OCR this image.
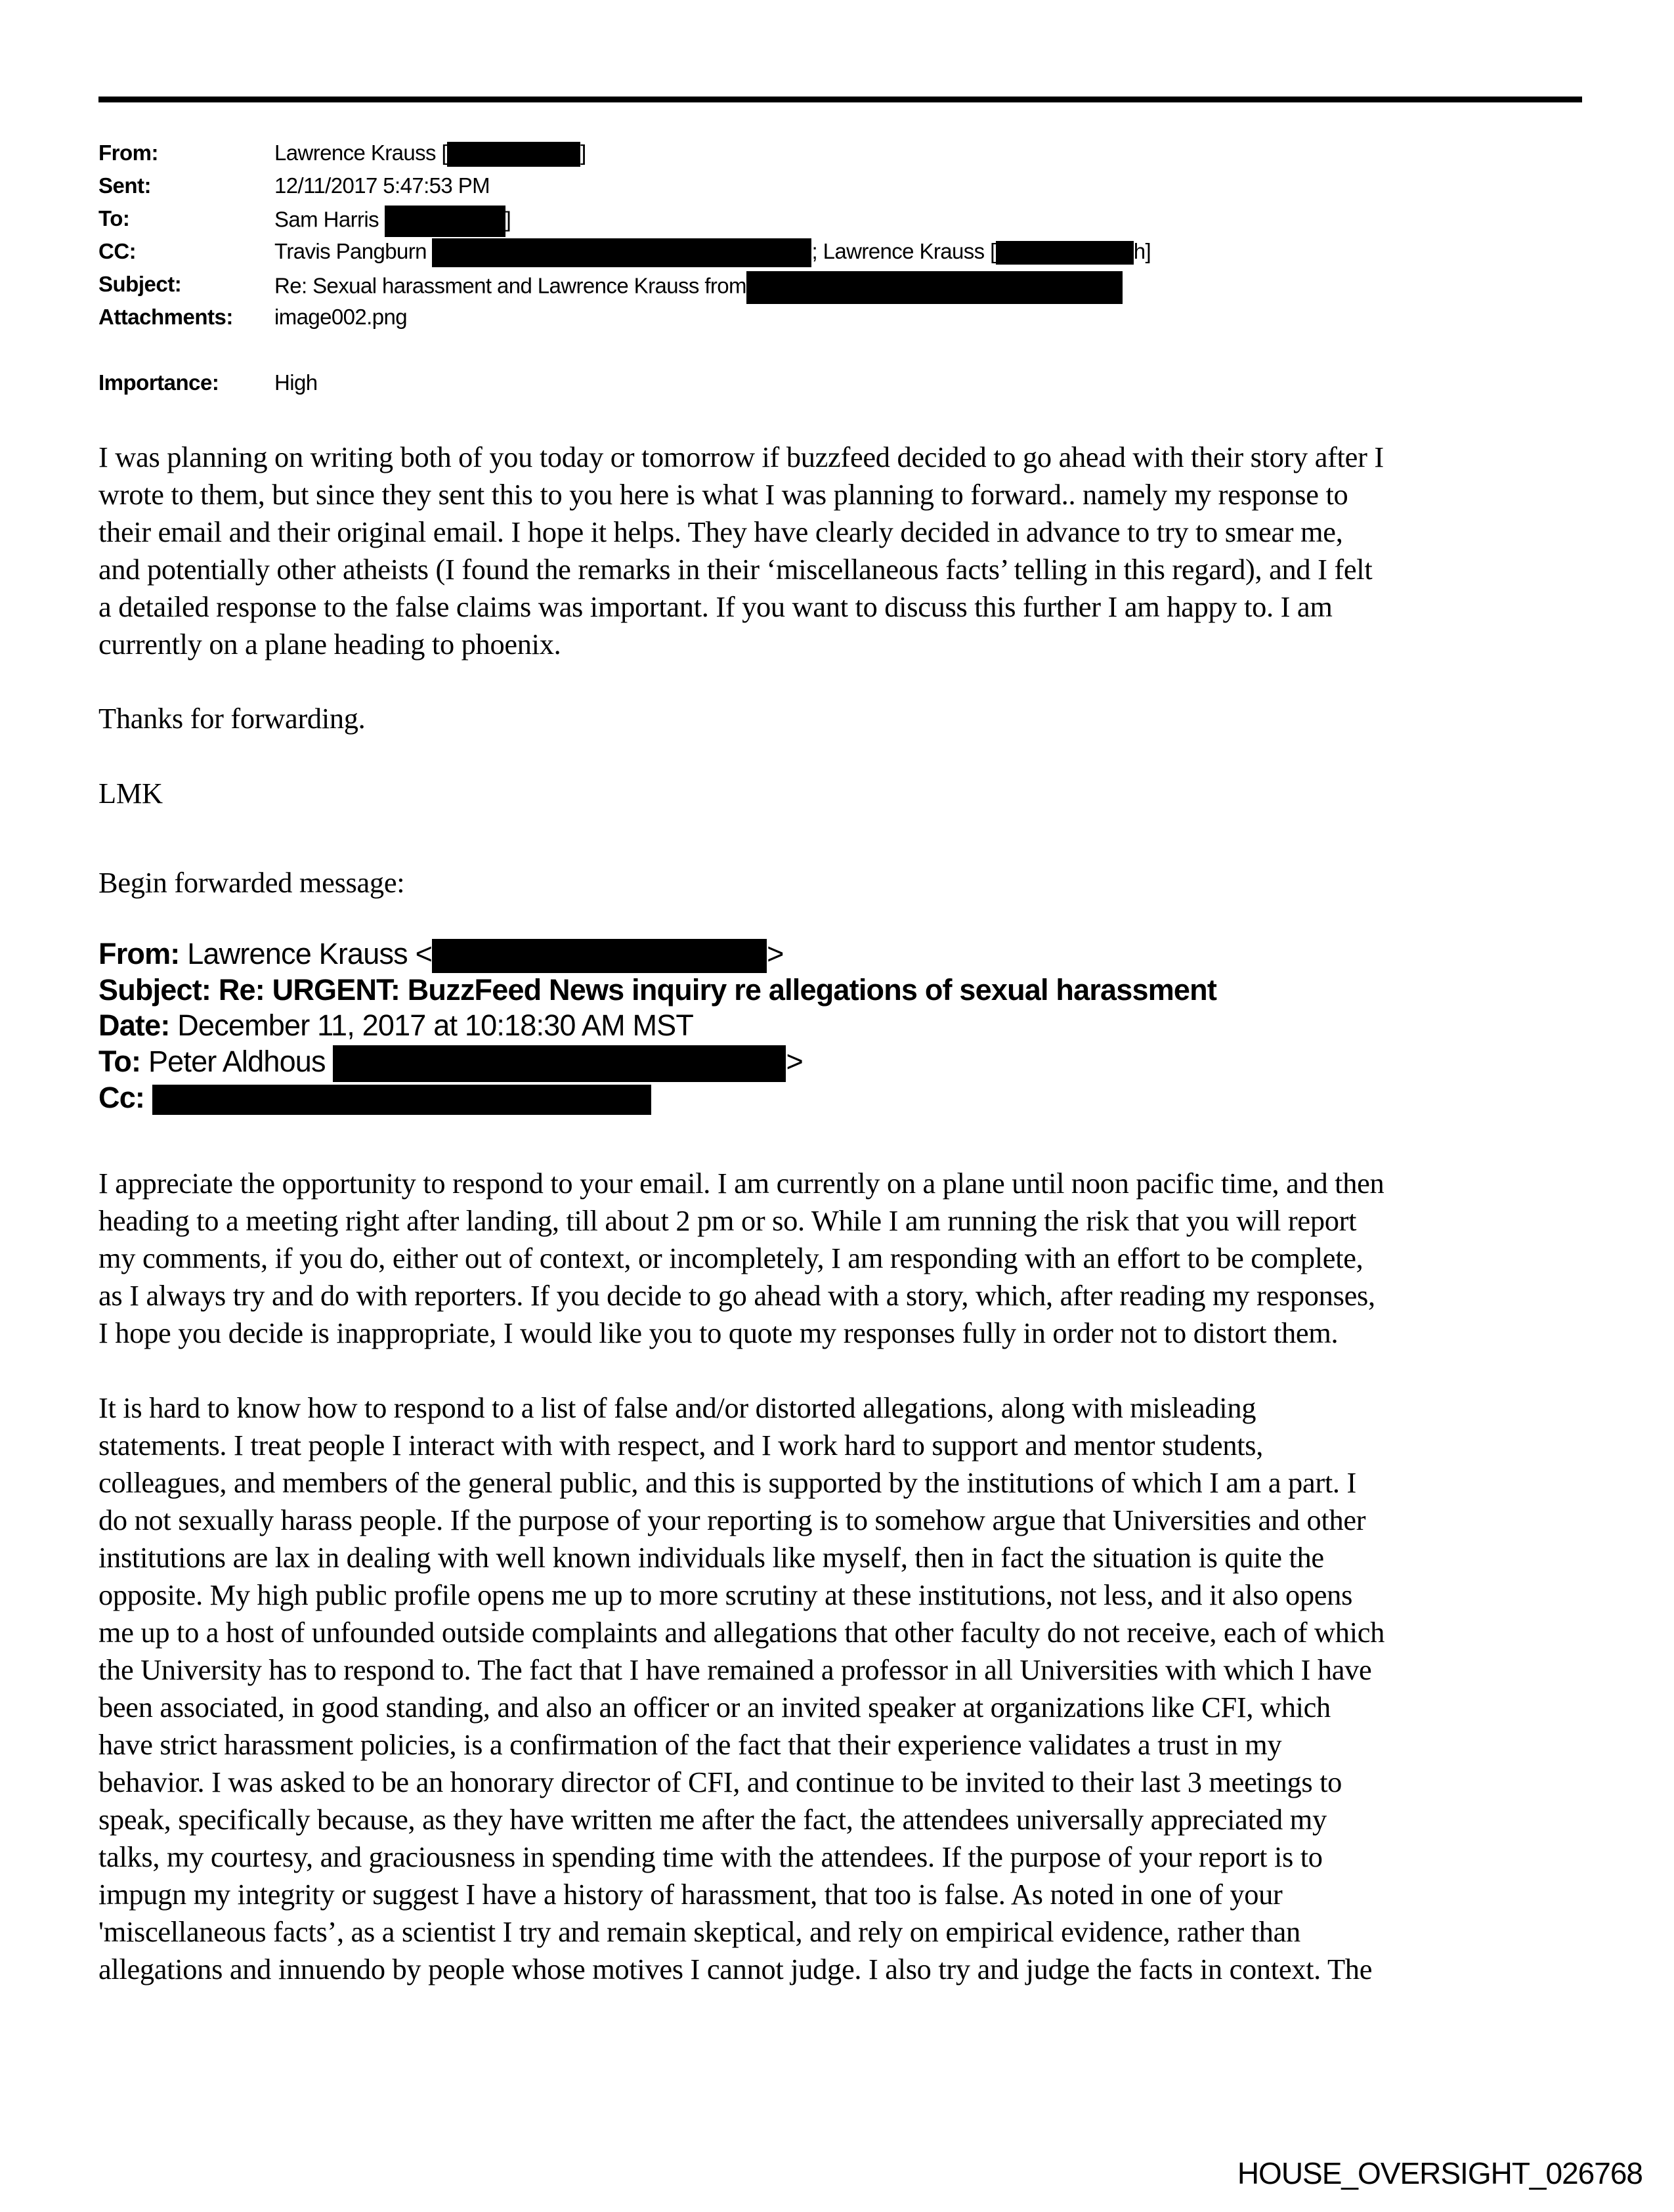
From:	Lawrence Krauss [	]
Sent:	12/11/2017 5:47:53 PM
To:	Sam Harris	]
CC:	Travis Pangburn	; Lawrence Krauss [	h]
Subject:	Re: Sexual harassment and Lawrence Krauss from
Attachments: image002.png
Importance:	High
I was planning on writing both of you today or tomorrow if buzzfeed decided to go ahead with their story after I
wrote to them, but since they sent this to you here is what I was planning to forward.. namely my response to
their email and their original email. I hope it helps. They have clearly decided in advance to try to smear me,
and potentially other atheists (I found the remarks in their ‘miscellaneous facts’ telling in this regard), and I felt
a detailed response to the false claims was important. If you want to discuss this further I am happy to. I am
currently on a plane heading to phoenix.
Thanks for forwarding.
LMK
Begin forwarded message:
From: Lawrence Krauss <	>
Subject: Re: URGENT: BuzzFeed News inquiry re allegations of sexual harassment
Date: December 11, 2017 at 10:18:30 AM MST
To: Peter Aldhous	>
Cc:
I appreciate the opportunity to respond to your email. I am currently on a plane until noon pacific time, and then
heading to a meeting right after landing, till about 2 pm or so. While I am running the risk that you will report
my comments, if you do, either out of context, or incompletely, I am responding with an effort to be complete,
as I always try and do with reporters. If you decide to go ahead with a story, which, after reading my responses,
I hope you decide is inappropriate, I would like you to quote my responses fully in order not to distort them.
It is hard to know how to respond to a list of false and/or distorted allegations, along with misleading
statements. I treat people I interact with with respect, and I work hard to support and mentor students,
colleagues, and members of the general public, and this is supported by the institutions of which I am a part. I
do not sexually harass people. If the purpose of your reporting is to somehow argue that Universities and other
institutions are lax in dealing with well known individuals like myself, then in fact the situation is quite the
opposite. My high public profile opens me up to more scrutiny at these institutions, not less, and it also opens
me up to a host of unfounded outside complaints and allegations that other faculty do not receive, each of which
the University has to respond to. The fact that I have remained a professor in all Universities with which I have
been associated, in good standing, and also an officer or an invited speaker at organizations like CFI, which
have strict harassment policies, is a confirmation of the fact that their experience validates a trust in my
behavior. I was asked to be an honorary director of CFI, and continue to be invited to their last 3 meetings to
speak, specifically because, as they have written me after the fact, the attendees universally appreciated my
talks, my courtesy, and graciousness in spending time with the attendees. If the purpose of your report is to
impugn my integrity or suggest I have a history of harassment, that too is false. As noted in one of your
'miscellaneous facts’, as a scientist I try and remain skeptical, and rely on empirical evidence, rather than
allegations and innuendo by people whose motives I cannot judge. I also try and judge the facts in context. The
HOUSE_OVERSIGHT_026768
